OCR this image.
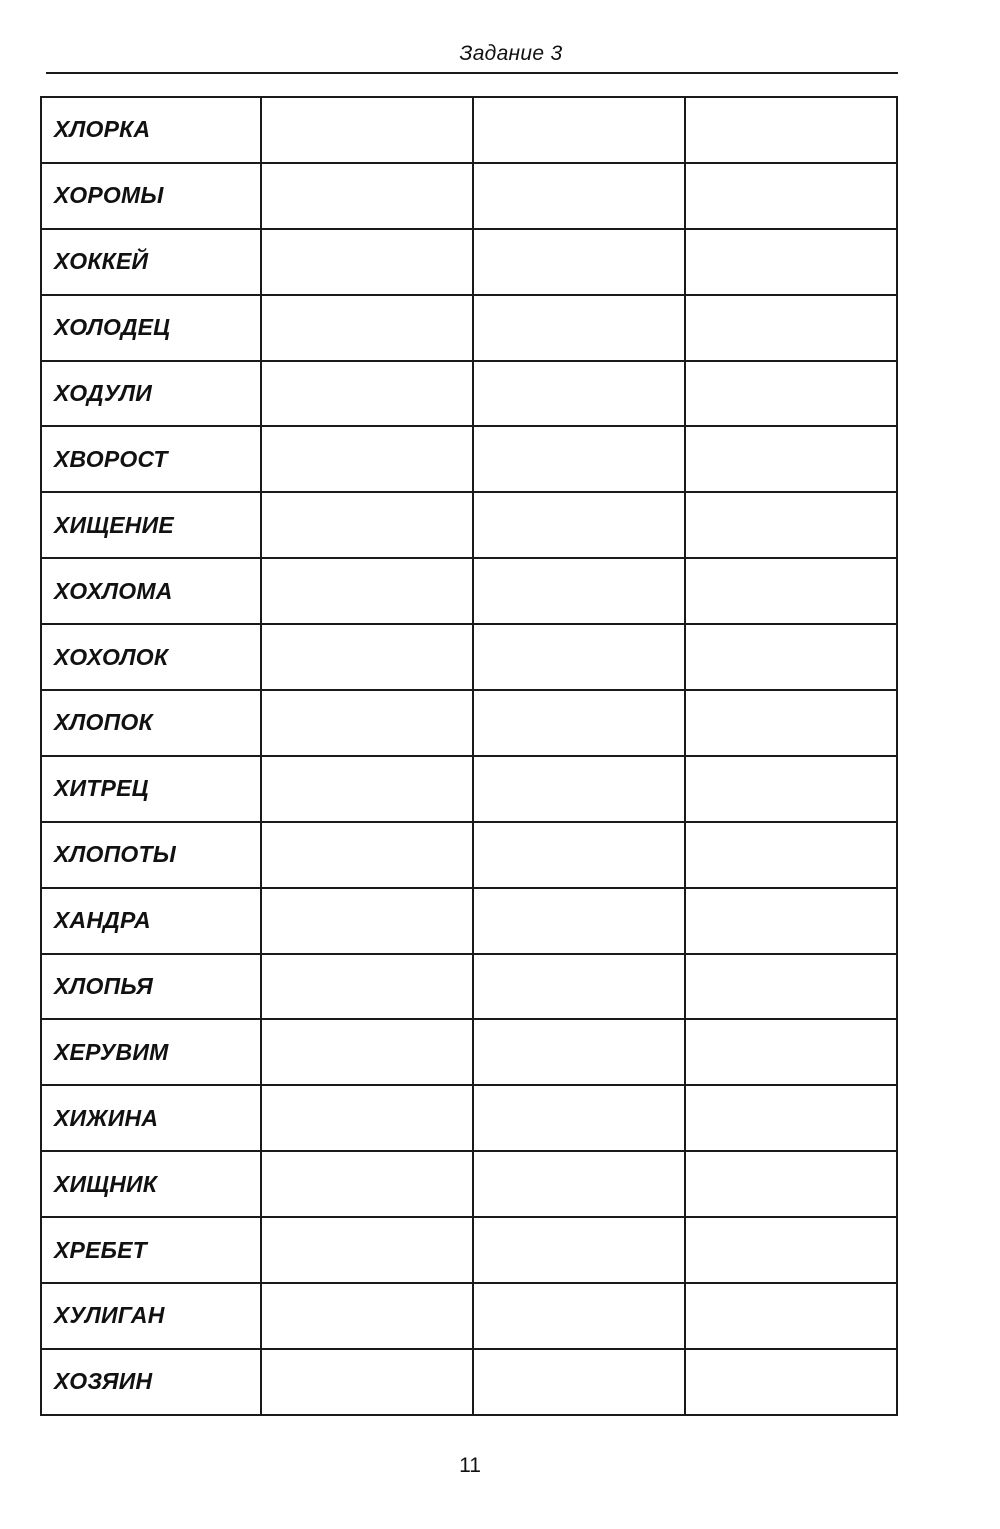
Задание 3
ХЛОРКА			
ХОРОМЫ			
ХОККЕЙ			
ХОЛОДЕЦ			
ХОДУЛИ			
ХВОРОСТ			
ХИЩЕНИЕ			
ХОХЛОМА			
ХОХОЛОК			
ХЛОПОК			
ХИТРЕЦ			
ХЛОПОТЫ			
ХАНДРА			
ХЛОПЬЯ			
ХЕРУВИМ			
ХИЖИНА			
ХИЩНИК			
ХРЕБЕТ			
ХУЛИГАН			
ХОЗЯИН			
11
